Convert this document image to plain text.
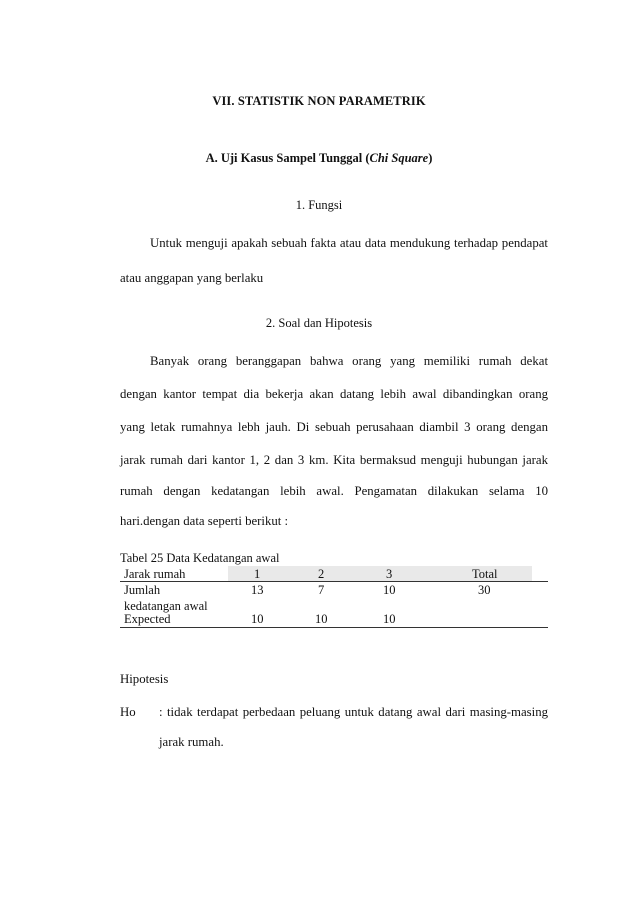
VII. STATISTIK NON PARAMETRIK
A. Uji Kasus Sampel Tunggal (Chi Square)
1. Fungsi
Untuk menguji apakah sebuah fakta atau data mendukung terhadap pendapat
atau anggapan yang berlaku
2. Soal dan Hipotesis
Banyak orang beranggapan bahwa orang yang memiliki rumah dekat
dengan kantor tempat dia bekerja akan datang lebih awal dibandingkan orang
yang letak rumahnya lebh jauh. Di sebuah perusahaan diambil 3 orang dengan
jarak rumah dari kantor 1, 2 dan 3 km. Kita bermaksud menguji hubungan jarak
rumah dengan kedatangan lebih awal. Pengamatan dilakukan selama 10
hari.dengan data seperti berikut :
Tabel 25 Data Kedatangan awal
Jarak rumah	1	2	3	Total
Jumlah
kedatangan awal
13	7	10	30
Expected	10	10	10
Hipotesis
Ho : tidak terdapat perbedaan peluang untuk datang awal dari masing-masing
jarak rumah.
